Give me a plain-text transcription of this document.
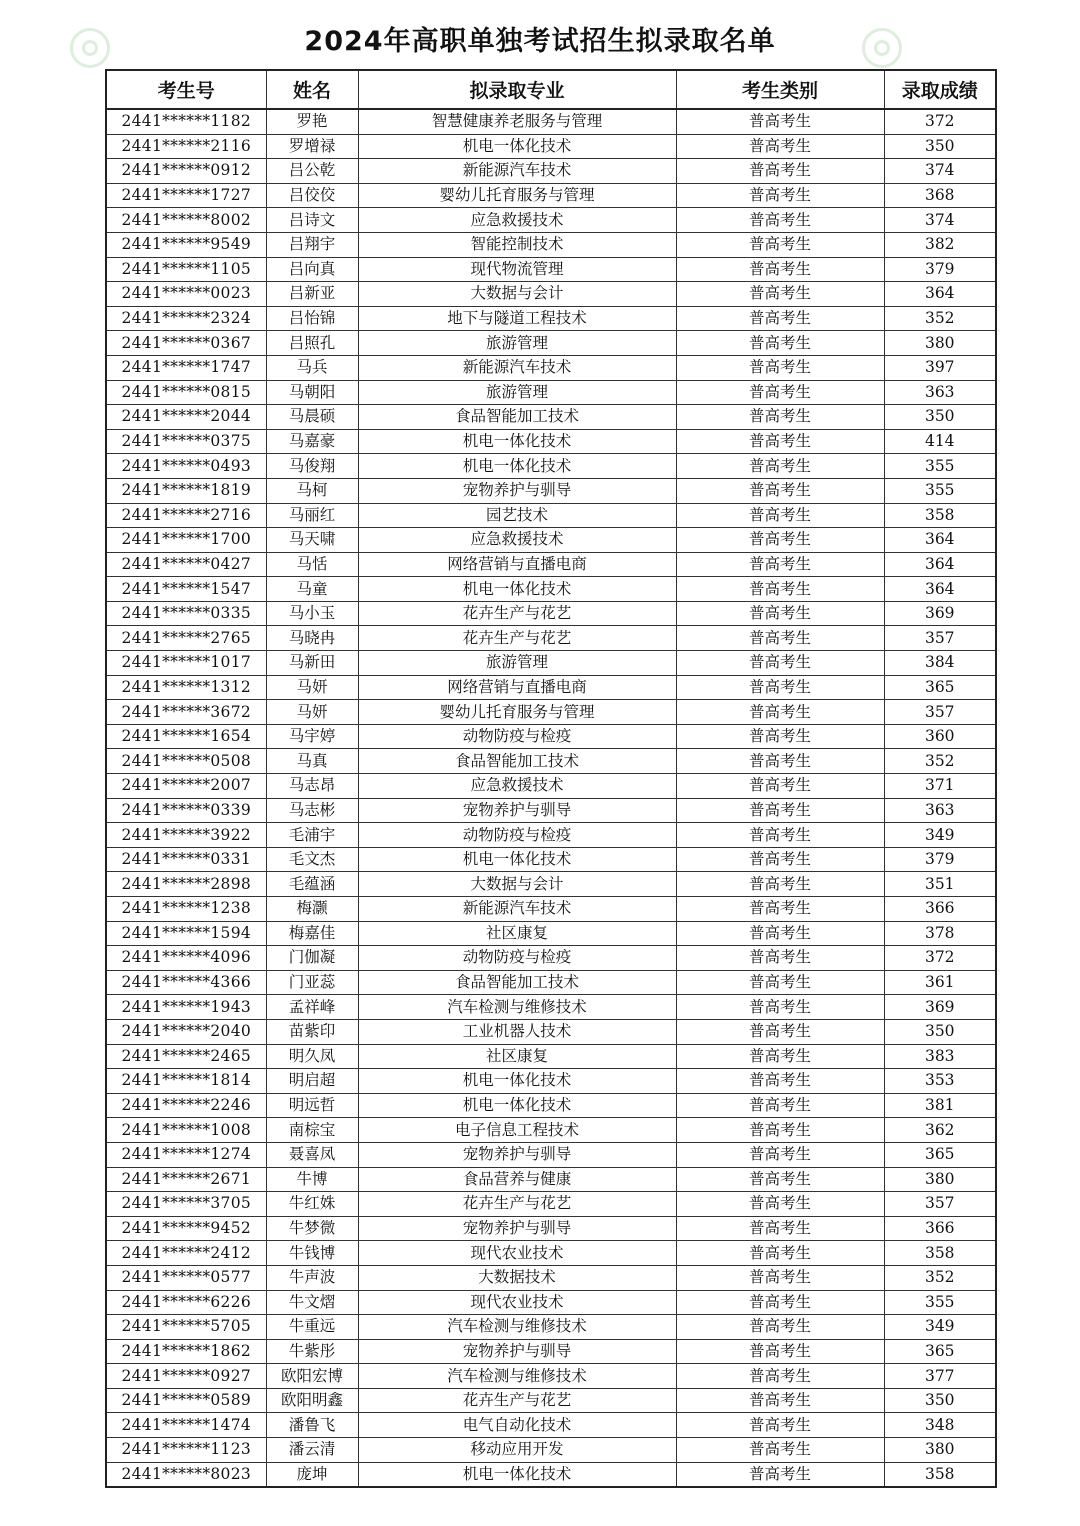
2024年高职单独考试招生拟录取名单
考生号	姓名	拟录取专业	考生类别	录取成绩
2441******1182	罗艳	智慧健康养老服务与管理	普高考生	372
2441******2116	罗增禄	机电一体化技术	普高考生	350
2441******0912	吕公乾	新能源汽车技术	普高考生	374
2441******1727	吕佼佼	婴幼儿托育服务与管理	普高考生	368
2441******8002	吕诗文	应急救援技术	普高考生	374
2441******9549	吕翔宇	智能控制技术	普高考生	382
2441******1105	吕向真	现代物流管理	普高考生	379
2441******0023	吕新亚	大数据与会计	普高考生	364
2441******2324	吕怡锦	地下与隧道工程技术	普高考生	352
2441******0367	吕照孔	旅游管理	普高考生	380
2441******1747	马兵	新能源汽车技术	普高考生	397
2441******0815	马朝阳	旅游管理	普高考生	363
2441******2044	马晨硕	食品智能加工技术	普高考生	350
2441******0375	马嘉豪	机电一体化技术	普高考生	414
2441******0493	马俊翔	机电一体化技术	普高考生	355
2441******1819	马柯	宠物养护与驯导	普高考生	355
2441******2716	马丽红	园艺技术	普高考生	358
2441******1700	马天啸	应急救援技术	普高考生	364
2441******0427	马恬	网络营销与直播电商	普高考生	364
2441******1547	马童	机电一体化技术	普高考生	364
2441******0335	马小玉	花卉生产与花艺	普高考生	369
2441******2765	马晓冉	花卉生产与花艺	普高考生	357
2441******1017	马新田	旅游管理	普高考生	384
2441******1312	马妍	网络营销与直播电商	普高考生	365
2441******3672	马妍	婴幼儿托育服务与管理	普高考生	357
2441******1654	马宇婷	动物防疫与检疫	普高考生	360
2441******0508	马真	食品智能加工技术	普高考生	352
2441******2007	马志昂	应急救援技术	普高考生	371
2441******0339	马志彬	宠物养护与驯导	普高考生	363
2441******3922	毛浦宇	动物防疫与检疫	普高考生	349
2441******0331	毛文杰	机电一体化技术	普高考生	379
2441******2898	毛蕴涵	大数据与会计	普高考生	351
2441******1238	梅灏	新能源汽车技术	普高考生	366
2441******1594	梅嘉佳	社区康复	普高考生	378
2441******4096	门伽凝	动物防疫与检疫	普高考生	372
2441******4366	门亚蕊	食品智能加工技术	普高考生	361
2441******1943	孟祥峰	汽车检测与维修技术	普高考生	369
2441******2040	苗紫印	工业机器人技术	普高考生	350
2441******2465	明久凤	社区康复	普高考生	383
2441******1814	明启超	机电一体化技术	普高考生	353
2441******2246	明远哲	机电一体化技术	普高考生	381
2441******1008	南棕宝	电子信息工程技术	普高考生	362
2441******1274	聂喜凤	宠物养护与驯导	普高考生	365
2441******2671	牛博	食品营养与健康	普高考生	380
2441******3705	牛红姝	花卉生产与花艺	普高考生	357
2441******9452	牛梦微	宠物养护与驯导	普高考生	366
2441******2412	牛钱博	现代农业技术	普高考生	358
2441******0577	牛声波	大数据技术	普高考生	352
2441******6226	牛文熠	现代农业技术	普高考生	355
2441******5705	牛重远	汽车检测与维修技术	普高考生	349
2441******1862	牛紫彤	宠物养护与驯导	普高考生	365
2441******0927	欧阳宏博	汽车检测与维修技术	普高考生	377
2441******0589	欧阳明鑫	花卉生产与花艺	普高考生	350
2441******1474	潘鲁飞	电气自动化技术	普高考生	348
2441******1123	潘云清	移动应用开发	普高考生	380
2441******8023	庞坤	机电一体化技术	普高考生	358
